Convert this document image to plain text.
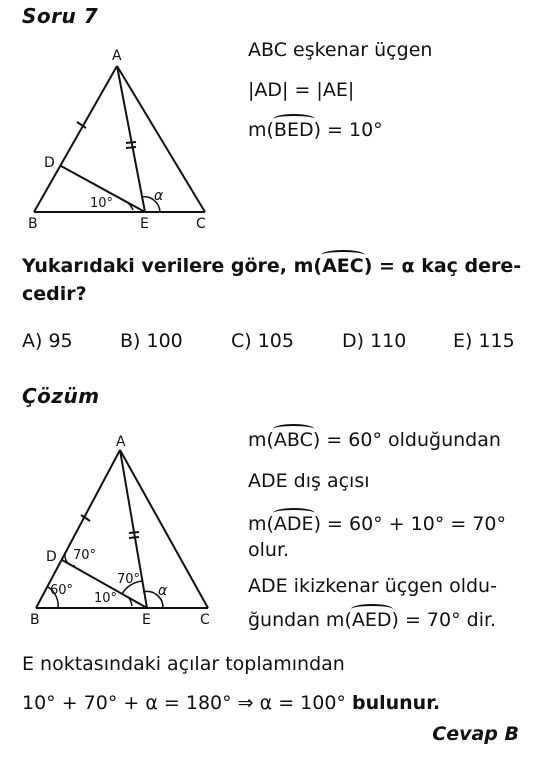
Soru 7
A
D
B	E	C
10°	α
ABC eşkenar üçgen
|AD| = |AE|
m(BED) = 10°
Yukarıdaki verilere göre, m(AEC) = α kaç dere-
cedir?
A) 95 B) 100	C) 105	D) 110 E) 115
Çözüm
A
D
B	E	C
70°
60°
70°
10°	α
m(ABC) = 60° olduğundan
ADE dış açısı
m(ADE) = 60° + 10° = 70°
olur.
ADE ikizkenar üçgen oldu-
ğundan m(AED) = 70° dir.
E noktasındaki açılar toplamından
10° + 70° + α = 180° ⇒ α = 100° bulunur.
Cevap B
